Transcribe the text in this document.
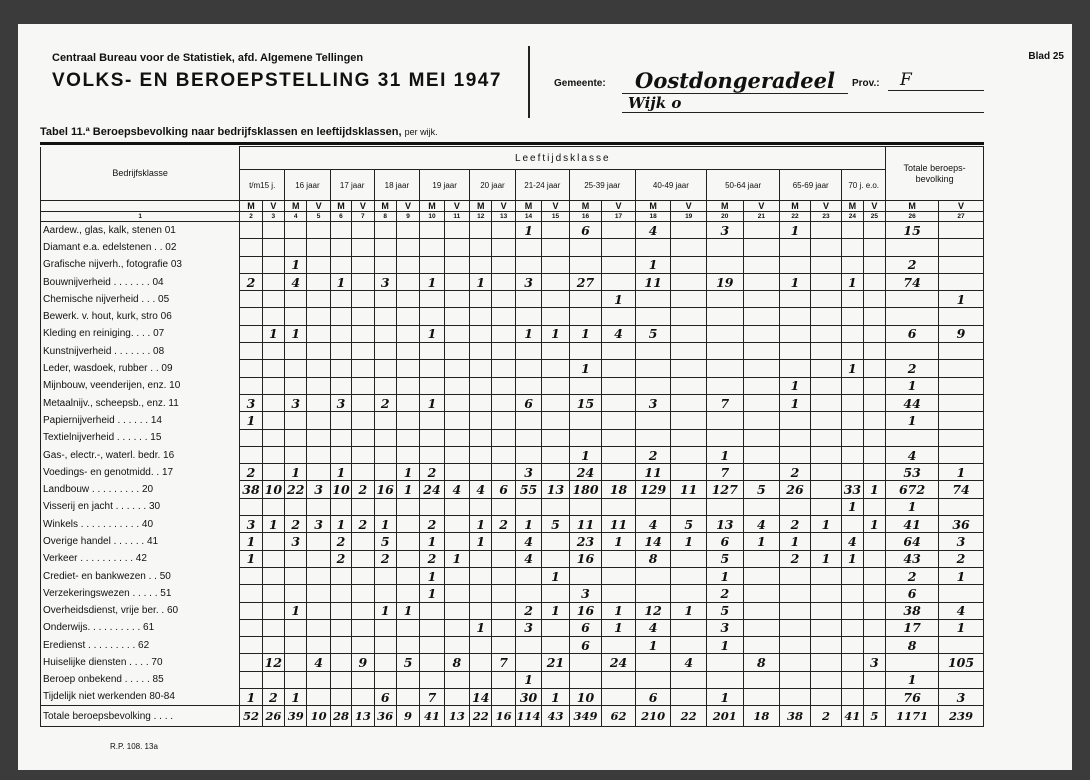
Centraal Bureau voor de Statistiek, afd. Algemene Tellingen
VOLKS- EN BEROEPSTELLING 31 MEI 1947
Blad 25
Gemeente:	Oostdongeradeel	Prov.:	F
Wijk o
Tabel 11.ª Beroepsbevolking naar bedrijfsklassen en leeftijdsklassen, per wijk.
Bedrijfsklasse	Leeftijdsklasse																								Totale beroeps-bevolking	
	t/m15 j.		16 jaar		17 jaar		18 jaar		19 jaar		20 jaar		21-24 jaar		25-39 jaar		40-49 jaar		50-64 jaar		65-69 jaar		70 j. e.o.			
	M	V	M	V	M	V	M	V	M	V	M	V	M	V	M	V	M	V	M	V	M	V	M	V	M	V
1	2	3	4	5	6	7	8	9	10	11	12	13	14	15	16	17	18	19	20	21	22	23	24	25	26	27
Aardew., glas, kalk, stenen 01													1		6		4		3		1				15	
Diamant e.a. edelstenen . . 02																										
Grafische nijverh., fotografie 03			1														1								2	
Bouwnijverheid . . . . . . . 04	2		4		1		3		1		1		3		27		11		19		1		1		74	
Chemische nijverheid . . . 05																1										1
Bewerk. v. hout, kurk, stro 06																										
Kleding en reiniging. . . . 07		1	1						1				1	1	1	4	5								6	9
Kunstnijverheid . . . . . . . 08																										
Leder, wasdoek, rubber . . 09															1								1		2	
Mijnbouw, veenderijen, enz. 10																					1				1	
Metaalnijv., scheepsb., enz. 11	3		3		3		2		1				6		15		3		7		1				44	
Papiernijverheid . . . . . . 14	1																								1	
Textielnijverheid . . . . . . 15																										
Gas-, electr.-, waterl. bedr. 16															1		2		1						4	
Voedings- en genotmidd. . 17	2		1		1			1	2				3		24		11		7		2				53	1
Landbouw . . . . . . . . . 20	38	10	22	3	10	2	16	1	24	4	4	6	55	13	180	18	129	11	127	5	26		33	1	672	74
Visserij en jacht . . . . . . 30																							1		1	
Winkels . . . . . . . . . . . 40	3	1	2	3	1	2	1		2		1	2	1	5	11	11	4	5	13	4	2	1		1	41	36
Overige handel . . . . . . 41	1		3		2		5		1		1		4		23	1	14	1	6	1	1		4		64	3
Verkeer . . . . . . . . . . 42	1				2		2		2	1			4		16		8		5		2	1	1		43	2
Crediet- en bankwezen . . 50									1					1					1						2	1
Verzekeringswezen . . . . . 51									1						3				2						6	
Overheidsdienst, vrije ber. . 60			1				1	1					2	1	16	1	12	1	5						38	4
Onderwijs. . . . . . . . . . 61											1		3		6	1	4		3						17	1
Eredienst . . . . . . . . . 62															6		1		1						8	
Huiselijke diensten . . . . 70		12		4		9		5		8		7		21		24		4		8				3		105
Beroep onbekend . . . . . 85													1												1	
Tijdelijk niet werkenden 80-84	1	2	1				6		7		14		30	1	10		6		1						76	3
Totale beroepsbevolking . . . .	52	26	39	10	28	13	36	9	41	13	22	16	114	43	349	62	210	22	201	18	38	2	41	5	1171	239
R.P. 108. 13a
